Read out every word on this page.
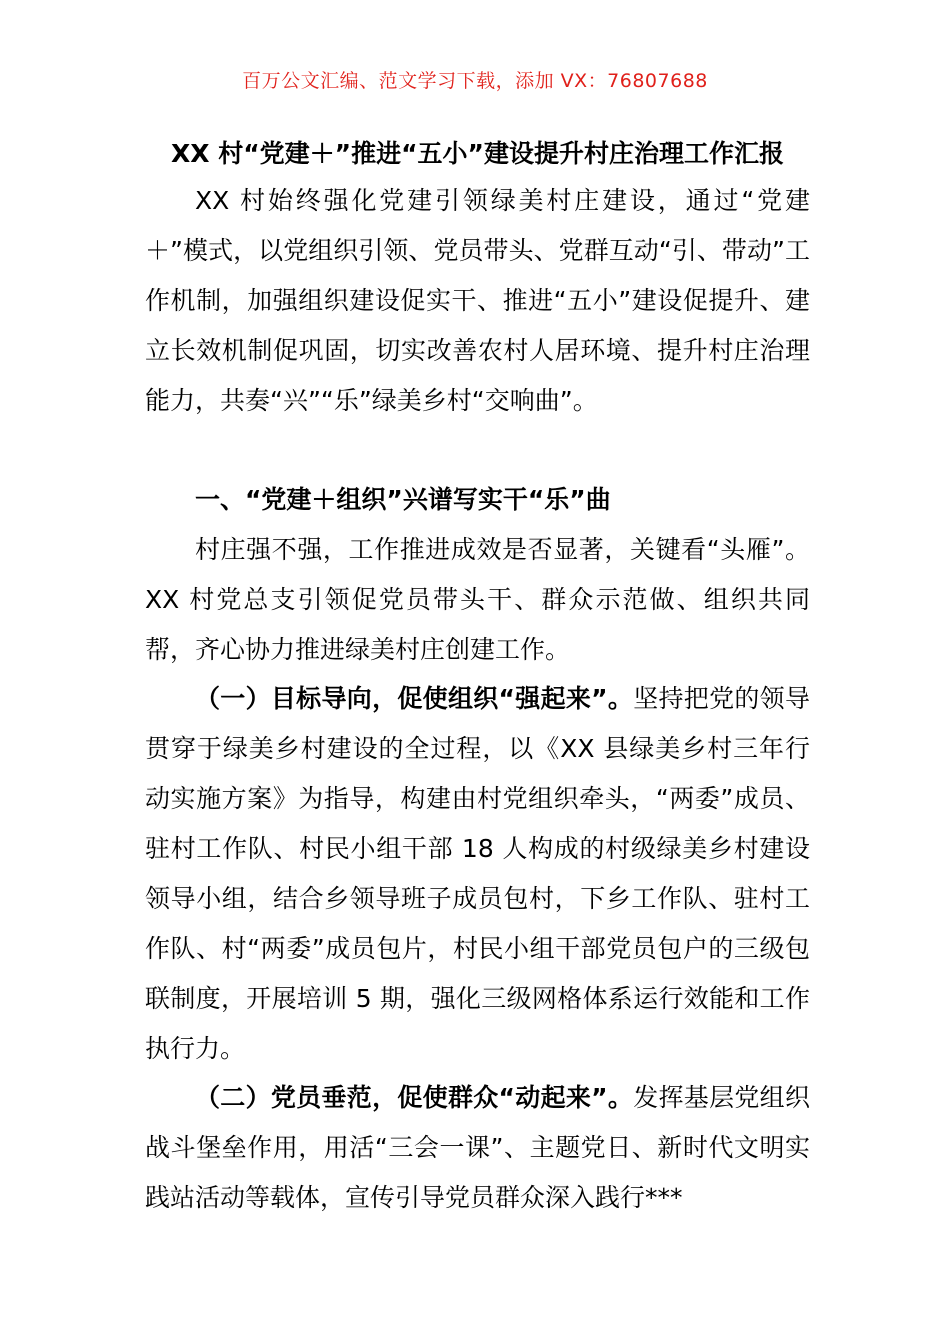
百万公文汇编、范文学习下载，添加 VX：76807688
XX 村“党建＋”推进“五小”建设提升村庄治理工作汇报
XX 村始终强化党建引领绿美村庄建设，通过“党建＋”模式，以党组织引领、党员带头、党群互动“引、带动”工作机制，加强组织建设促实干、推进“五小”建设促提升、建立长效机制促巩固，切实改善农村人居环境、提升村庄治理能力，共奏“兴”“乐”绿美乡村“交响曲”。
一、“党建＋组织”兴谱写实干“乐”曲
村庄强不强，工作推进成效是否显著，关键看“头雁”。XX 村党总支引领促党员带头干、群众示范做、组织共同帮，齐心协力推进绿美村庄创建工作。
（一）目标导向，促使组织“强起来”。坚持把党的领导贯穿于绿美乡村建设的全过程，以《XX 县绿美乡村三年行动实施方案》为指导，构建由村党组织牵头，“两委”成员、驻村工作队、村民小组干部 18 人构成的村级绿美乡村建设领导小组，结合乡领导班子成员包村，下乡工作队、驻村工作队、村“两委”成员包片，村民小组干部党员包户的三级包联制度，开展培训 5 期，强化三级网格体系运行效能和工作执行力。
（二）党员垂范，促使群众“动起来”。发挥基层党组织战斗堡垒作用，用活“三会一课”、主题党日、新时代文明实践站活动等载体，宣传引导党员群众深入践行***
